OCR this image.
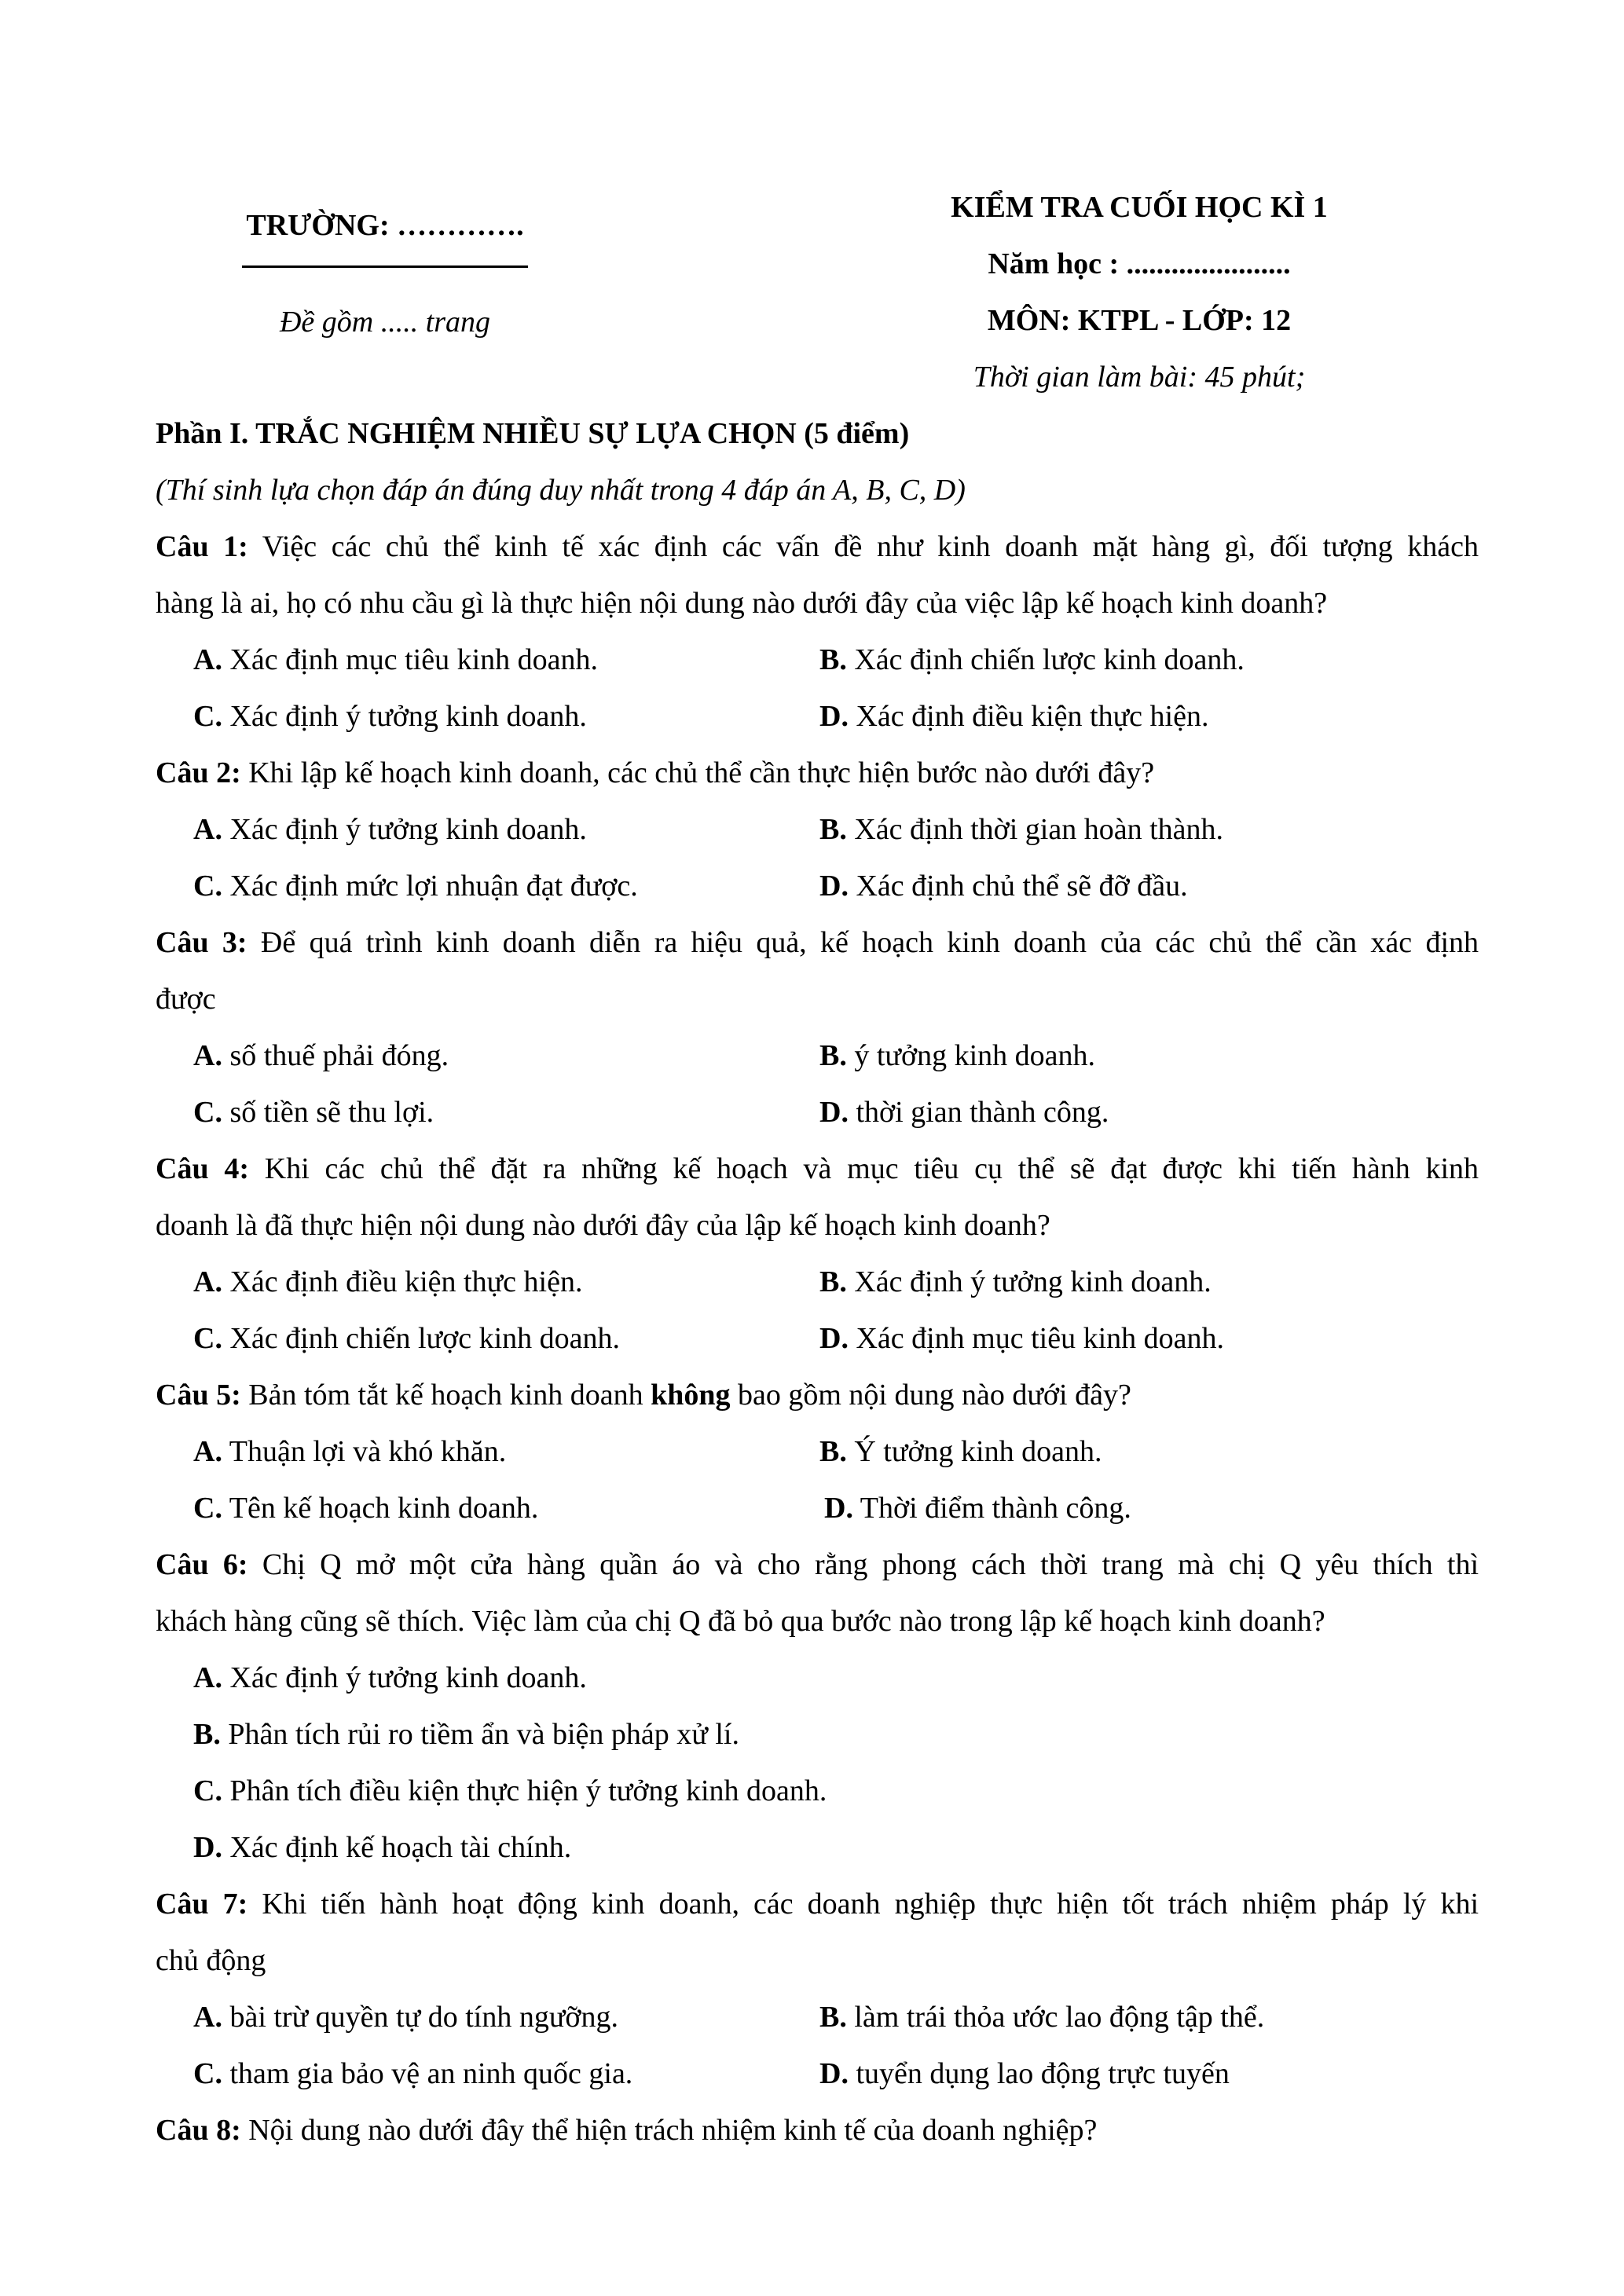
TRƯỜNG: ………….
Đề gồm ..... trang
KIỂM TRA CUỐI HỌC KÌ 1
Năm học : ......................
MÔN: KTPL - LỚP: 12
Thời gian làm bài: 45 phút;
Phần I. TRẮC NGHIỆM NHIỀU SỰ LỰA CHỌN (5 điểm)
(Thí sinh lựa chọn đáp án đúng duy nhất trong 4 đáp án A, B, C, D)
Câu 1: Việc các chủ thể kinh tế xác định các vấn đề như kinh doanh mặt hàng gì, đối tượng khách
hàng là ai, họ có nhu cầu gì là thực hiện nội dung nào dưới đây của việc lập kế hoạch kinh doanh?
A. Xác định mục tiêu kinh doanh.	B. Xác định chiến lược kinh doanh.
C. Xác định ý tưởng kinh doanh.	D. Xác định điều kiện thực hiện.
Câu 2: Khi lập kế hoạch kinh doanh, các chủ thể cần thực hiện bước nào dưới đây?
A. Xác định ý tưởng kinh doanh.	B. Xác định thời gian hoàn thành.
C. Xác định mức lợi nhuận đạt được.	D. Xác định chủ thể sẽ đỡ đầu.
Câu 3: Để quá trình kinh doanh diễn ra hiệu quả, kế hoạch kinh doanh của các chủ thể cần xác định
được
A. số thuế phải đóng.	B. ý tưởng kinh doanh.
C. số tiền sẽ thu lợi.	D. thời gian thành công.
Câu 4: Khi các chủ thể đặt ra những kế hoạch và mục tiêu cụ thể sẽ đạt được khi tiến hành kinh
doanh là đã thực hiện nội dung nào dưới đây của lập kế hoạch kinh doanh?
A. Xác định điều kiện thực hiện.	B. Xác định ý tưởng kinh doanh.
C. Xác định chiến lược kinh doanh.	D. Xác định mục tiêu kinh doanh.
Câu 5: Bản tóm tắt kế hoạch kinh doanh không bao gồm nội dung nào dưới đây?
A. Thuận lợi và khó khăn.	B. Ý tưởng kinh doanh.
C. Tên kế hoạch kinh doanh.	D. Thời điểm thành công.
Câu 6: Chị Q mở một cửa hàng quần áo và cho rằng phong cách thời trang mà chị Q yêu thích thì
khách hàng cũng sẽ thích. Việc làm của chị Q đã bỏ qua bước nào trong lập kế hoạch kinh doanh?
A. Xác định ý tưởng kinh doanh.
B. Phân tích rủi ro tiềm ẩn và biện pháp xử lí.
C. Phân tích điều kiện thực hiện ý tưởng kinh doanh.
D. Xác định kế hoạch tài chính.
Câu 7: Khi tiến hành hoạt động kinh doanh, các doanh nghiệp thực hiện tốt trách nhiệm pháp lý khi
chủ động
A. bài trừ quyền tự do tính ngưỡng.	B. làm trái thỏa ước lao động tập thể.
C. tham gia bảo vệ an ninh quốc gia.	D. tuyển dụng lao động trực tuyến
Câu 8: Nội dung nào dưới đây thể hiện trách nhiệm kinh tế của doanh nghiệp?
